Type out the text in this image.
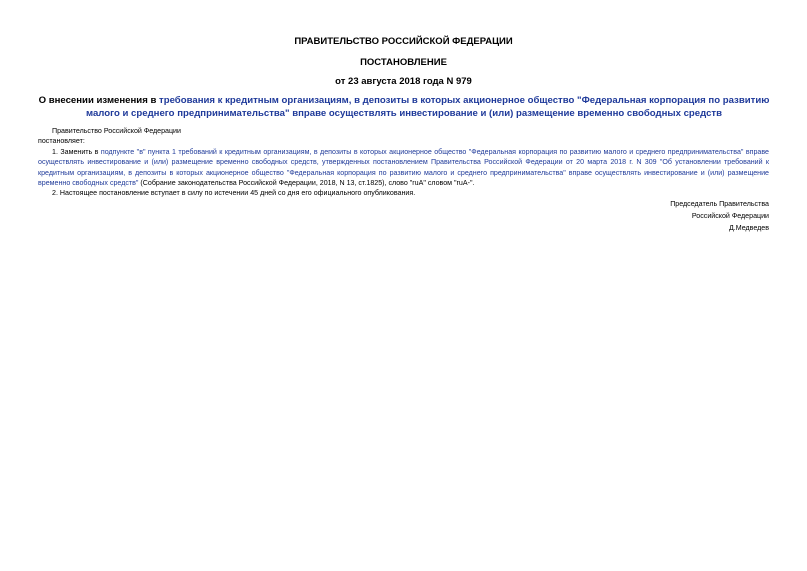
ПРАВИТЕЛЬСТВО РОССИЙСКОЙ ФЕДЕРАЦИИ
ПОСТАНОВЛЕНИЕ
от 23 августа 2018 года N 979
О внесении изменения в требования к кредитным организациям, в депозиты в которых акционерное общество "Федеральная корпорация по развитию малого и среднего предпринимательства" вправе осуществлять инвестирование и (или) размещение временно свободных средств

Правительство Российской Федерации

постановляет:

1. Заменить в подпункте "в" пункта 1 требований к кредитным организациям, в депозиты в которых акционерное общество "Федеральная корпорация по развитию малого и среднего предпринимательства" вправе осуществлять инвестирование и (или) размещение временно свободных средств, утвержденных постановлением Правительства Российской Федерации от 20 марта 2018 г. N 309 "Об установлении требований к кредитным организациям, в депозиты в которых акционерное общество "Федеральная корпорация по развитию малого и среднего предпринимательства" вправе осуществлять инвестирование и (или) размещение временно свободных средств" (Собрание законодательства Российской Федерации, 2018, N 13, ст.1825), слово "ruA" словом "ruA-".

2. Настоящее постановление вступает в силу по истечении 45 дней со дня его официального опубликования.

Председатель Правительства
Российской Федерации
Д.Медведев
